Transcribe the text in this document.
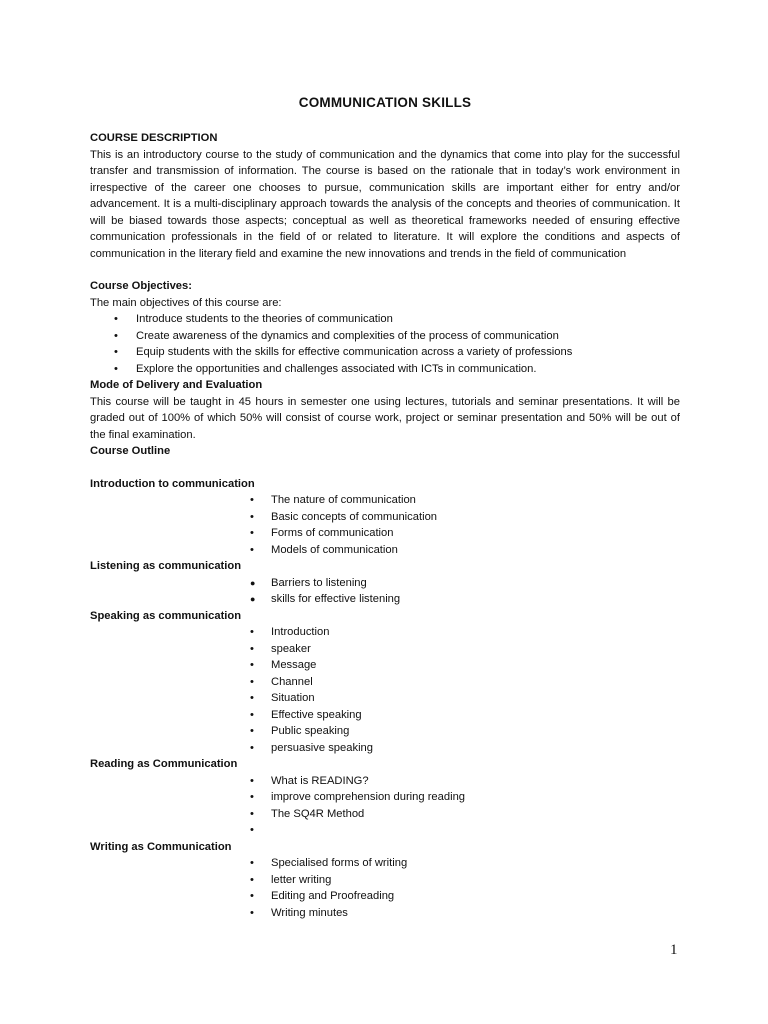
COMMUNICATION SKILLS
COURSE DESCRIPTION

This is an introductory course to the study of communication and the dynamics that come into play for the successful transfer and transmission of information. The course is based on the rationale that in today’s work environment in irrespective of the career one chooses to pursue, communication skills are important either for entry and/or advancement. It is a multi-disciplinary approach towards the analysis of the concepts and theories of communication. It will be biased towards those aspects; conceptual as well as theoretical frameworks needed of ensuring effective communication professionals in the field of or related to literature. It will explore the conditions and aspects of communication in the literary field and examine the new innovations and trends in the field of communication

Course Objectives:

The main objectives of this course are:

• Introduce students to the theories of communication
• Create awareness of the dynamics and complexities of the process of communication
• Equip students with the skills for effective communication across a variety of professions
• Explore the opportunities and challenges associated with ICTs in communication.
Mode of Delivery and Evaluation

This course will be taught in 45 hours in semester one using lectures, tutorials and seminar presentations. It will be graded out of 100% of which 50% will consist of course work, project or seminar presentation and 50% will be out of the final examination.

Course Outline
Introduction to communication
• The nature of communication
• Basic concepts of communication
• Forms of communication
• Models of communication
Listening as communication
● Barriers to listening
● skills for effective listening
Speaking as communication
• Introduction
• speaker
• Message
• Channel
• Situation
• Effective speaking
• Public speaking
• persuasive speaking
Reading as Communication
• What is READING?
• improve comprehension during reading
• The SQ4R Method
•
Writing as Communication
• Specialised forms of writing
• letter writing
• Editing and Proofreading
• Writing minutes
1
